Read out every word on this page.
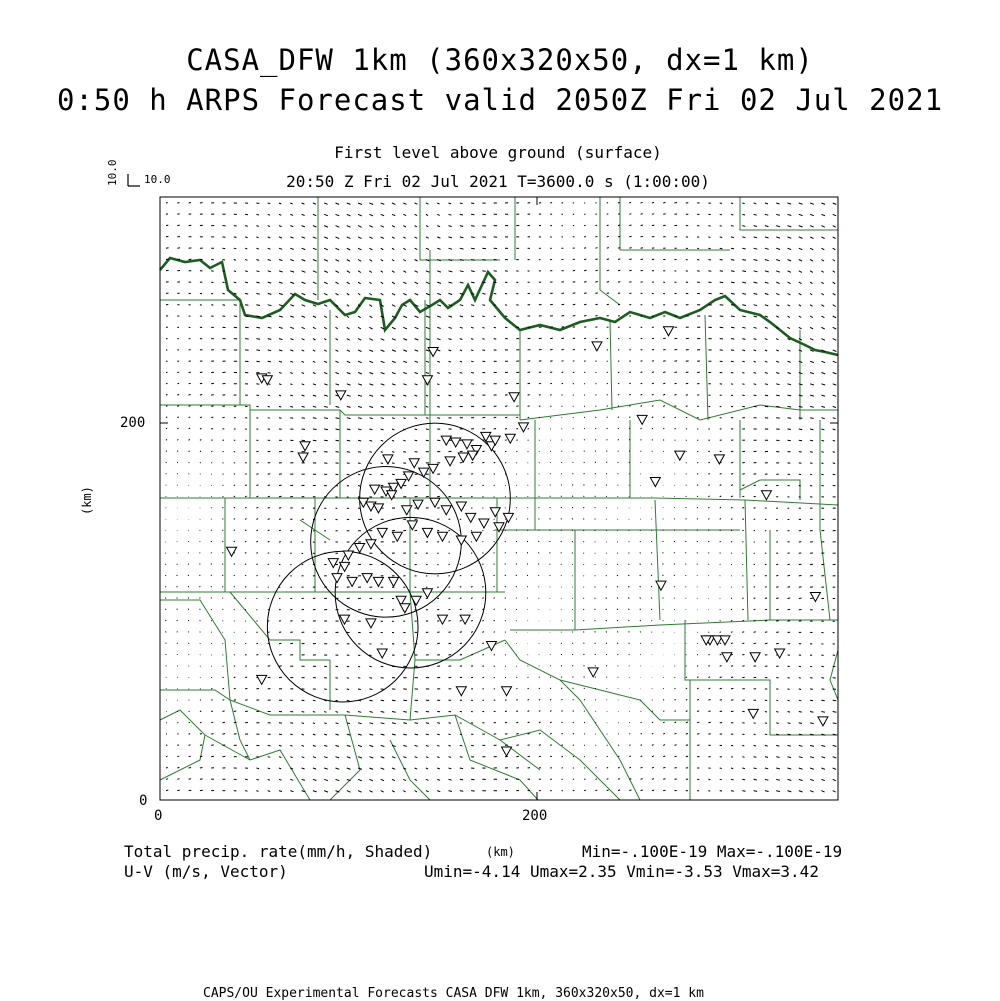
CASA_DFW 1km (360x320x50, dx=1 km)
0:50 h ARPS Forecast valid 2050Z Fri 02 Jul 2021
First level above ground (surface)
20:50 Z Fri 02 Jul 2021 T=3600.0 s (1:00:00)
10.0 10.0
(km)
200
0
0	200
(km)
Total precip. rate(mm/h, Shaded)	Min=-.100E-19 Max=-.100E-19
U-V (m/s, Vector)	Umin=-4.14 Umax=2.35 Vmin=-3.53 Vmax=3.42
CAPS/OU Experimental Forecasts CASA DFW 1km, 360x320x50, dx=1 km
